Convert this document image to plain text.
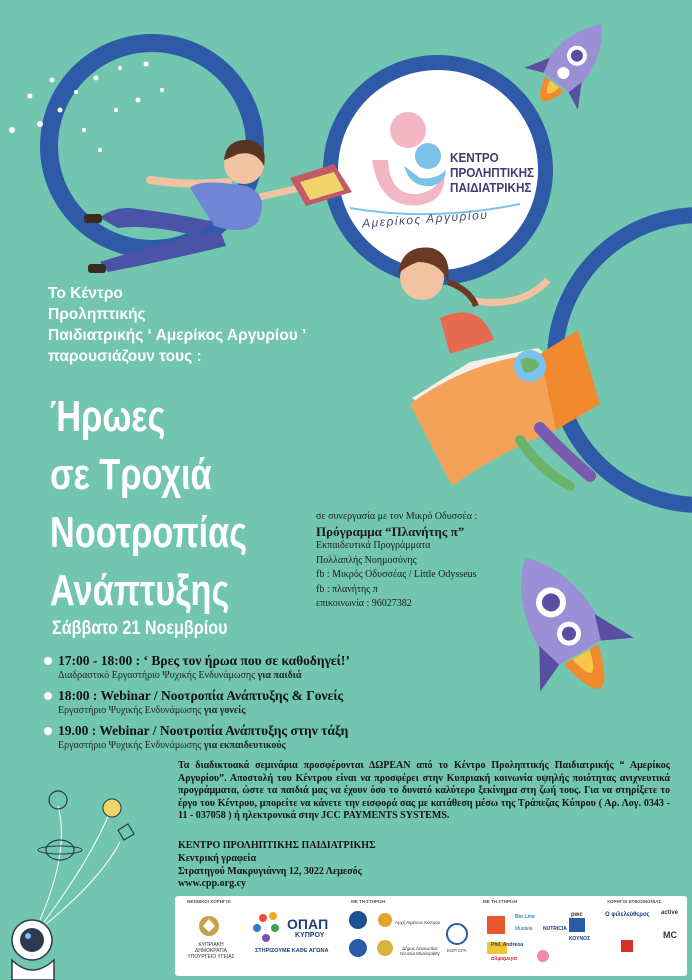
ΚΕΝΤΡΟ
ΠΡΟΛΗΠΤΙΚΗΣ
ΠΑΙΔΙΑΤΡΙΚΗΣ
Αμερίκος Αργυρίου
Το Κέντρο
Προληπτικής
Παιδιατρικής ‘ Αμερίκος Αργυρίου ’
παρουσιάζουν τους :
Ήρωες
σε Τροχιά
Νοοτροπίας
Ανάπτυξης
Σάββατο 21 Νοεμβρίου
σε συνεργασία με τον Μικρό Οδυσσέα :
Πρόγραμμα “Πλανήτης π”
Εκπαιδευτικά Προγράμματα
Πολλαπλής Νοημοσύνης
fb : Μικρός Οδυσσέας / Little Odysseus
fb : πλανήτης π
επικοινωνία : 96027382
17:00 - 18:00 : ‘ Βρες τον ήρωα που σε καθοδηγεί!’
Διαδραστικό Εργαστήριο Ψυχικής Ενδυνάμωσης για παιδιά
18:00 : Webinar / Νοοτροπία Ανάπτυξης & Γονείς
Εργαστήριο Ψυχικής Ενδυνάμωσης για γονείς
19.00 : Webinar / Νοοτροπία Ανάπτυξης στην τάξη
Εργαστήριο Ψυχικής Ενδυνάμωσης για εκπαιδευτικούς
Τα διαδικτυακά σεμινάρια προσφέρονται ΔΩΡΕΑΝ από το Κέντρο Προληπτικής Παιδιατρικής “ Αμερίκος Αργυρίου”. Αποστολή του Κέντρου είναι να προσφέρει στην Κυπριακή κοινωνία υψηλής ποιότητας ανιχνευτικά προγράμματα, ώστε τα παιδιά μας να έχουν όσο το δυνατό καλύτερο ξεκίνημα στη ζωή τους. Για να στηρίξετε το έργο του Κέντρου, μπορείτε να κάνετε την εισφορά σας με κατάθεση μέσω της Τράπεζας Κύπρου ( Αρ. Λογ. 0343 - 11 - 037058 ) ή ηλεκτρονικά στην JCC PAYMENTS SYSTEMS.
ΚΕΝΤΡΟ ΠΡΟΛΗΠΤΙΚΗΣ ΠΑΙΔΙΑΤΡΙΚΗΣ
Κεντρική γραφεία
Στρατηγού Μακρυγιάννη 12, 3022 Λεμεσός
www.cpp.org.cy
ΘΕΣΜΙΚΟΙ ΧΟΡΗΓΟΙ	ΜΕ ΤΗ ΣΤΗΡΙΞΗ	ΜΕ ΤΗ ΣΤΗΡΙΞΗ	ΧΟΡΗΓΟΙ ΕΠΙΚΟΙΝΩΝΙΑΣ
ΚΥΠΡΙΑΚΗ ΔΗΜΟΚΡΑΤΙΑ ΥΠΟΥΡΓΕΙΟ ΥΓΕΙΑΣ
ΟΠΑΠ
ΚΥΠΡΟΥ
ΣΤΗΡΙΖΟΥΜΕ ΚΑΘΕ ΑΓΩΝΑ
Αρχή Λιμένων Κύπρου
Δήμος Λευκωσίας Nicosia Municipality
ΚΟΠ CFA
Bio Line
Mustela NUTRICIA
pwc
ΚΟΥΝΟΣ
Phil. Andreou
αλφαμεγα
Ο φιλελεύθερος active
MC
